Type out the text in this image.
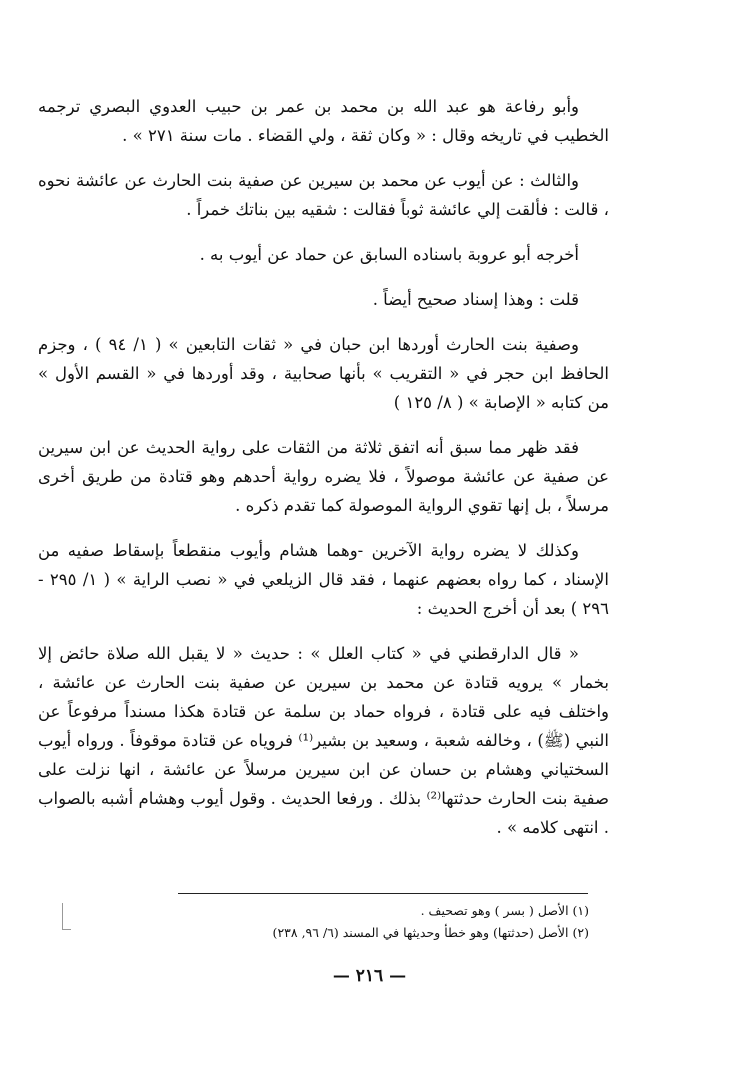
وأبو رفاعة هو عبد الله بن محمد بن عمر بن حبيب العدوي البصري ترجمه الخطيب في تاريخه وقال : « وكان ثقة ، ولي القضاء . مات سنة ٢٧١ » .

والثالث : عن أيوب عن محمد بن سيرين عن صفية بنت الحارث عن عائشة نحوه ، قالت : فألقت إلي عائشة ثوباً فقالت : شقيه بين بناتك خمراً .

أخرجه أبو عروبة باسناده السابق عن حماد عن أيوب به .

قلت : وهذا إسناد صحيح أيضاً .

وصفية بنت الحارث أوردها ابن حبان في « ثقات التابعين » ( ١/ ٩٤ ) ، وجزم الحافظ ابن حجر في « التقريب » بأنها صحابية ، وقد أوردها في « القسم الأول » من كتابه « الإصابة » ( ٨/ ١٢٥ )

فقد ظهر مما سبق أنه اتفق ثلاثة من الثقات على رواية الحديث عن ابن سيرين عن صفية عن عائشة موصولاً ، فلا يضره رواية أحدهم وهو قتادة من طريق أخرى مرسلاً ، بل إنها تقوي الرواية الموصولة كما تقدم ذكره .

وكذلك لا يضره رواية الآخرين -وهما هشام وأيوب منقطعاً بإسقاط صفيه من الإسناد ، كما رواه بعضهم عنهما ، فقد قال الزيلعي في « نصب الراية » ( ١/ ٢٩٥ - ٢٩٦ ) بعد أن أخرج الحديث :

« قال الدارقطني في « كتاب العلل » : حديث « لا يقبل الله صلاة حائض إلا بخمار » يرويه قتادة عن محمد بن سيرين عن صفية بنت الحارث عن عائشة ، واختلف فيه على قتادة ، فرواه حماد بن سلمة عن قتادة هكذا مسنداً مرفوعاً عن النبي (ﷺ) ، وخالفه شعبة ، وسعيد بن بشير⁽¹⁾ فروياه عن قتادة موقوفاً . ورواه أيوب السختياني وهشام بن حسان عن ابن سيرين مرسلاً عن عائشة ، انها نزلت على صفية بنت الحارث حدثتها⁽²⁾ بذلك . ورفعا الحديث . وقول أيوب وهشام أشبه بالصواب . انتهى كلامه » .

(١) الأصل ( بسر ) وهو تصحيف .

(٢) الأصل (حدثتها) وهو خطأ وحديثها في المسند (٦/ ٩٦, ٢٣٨)

— ٢١٦ —
